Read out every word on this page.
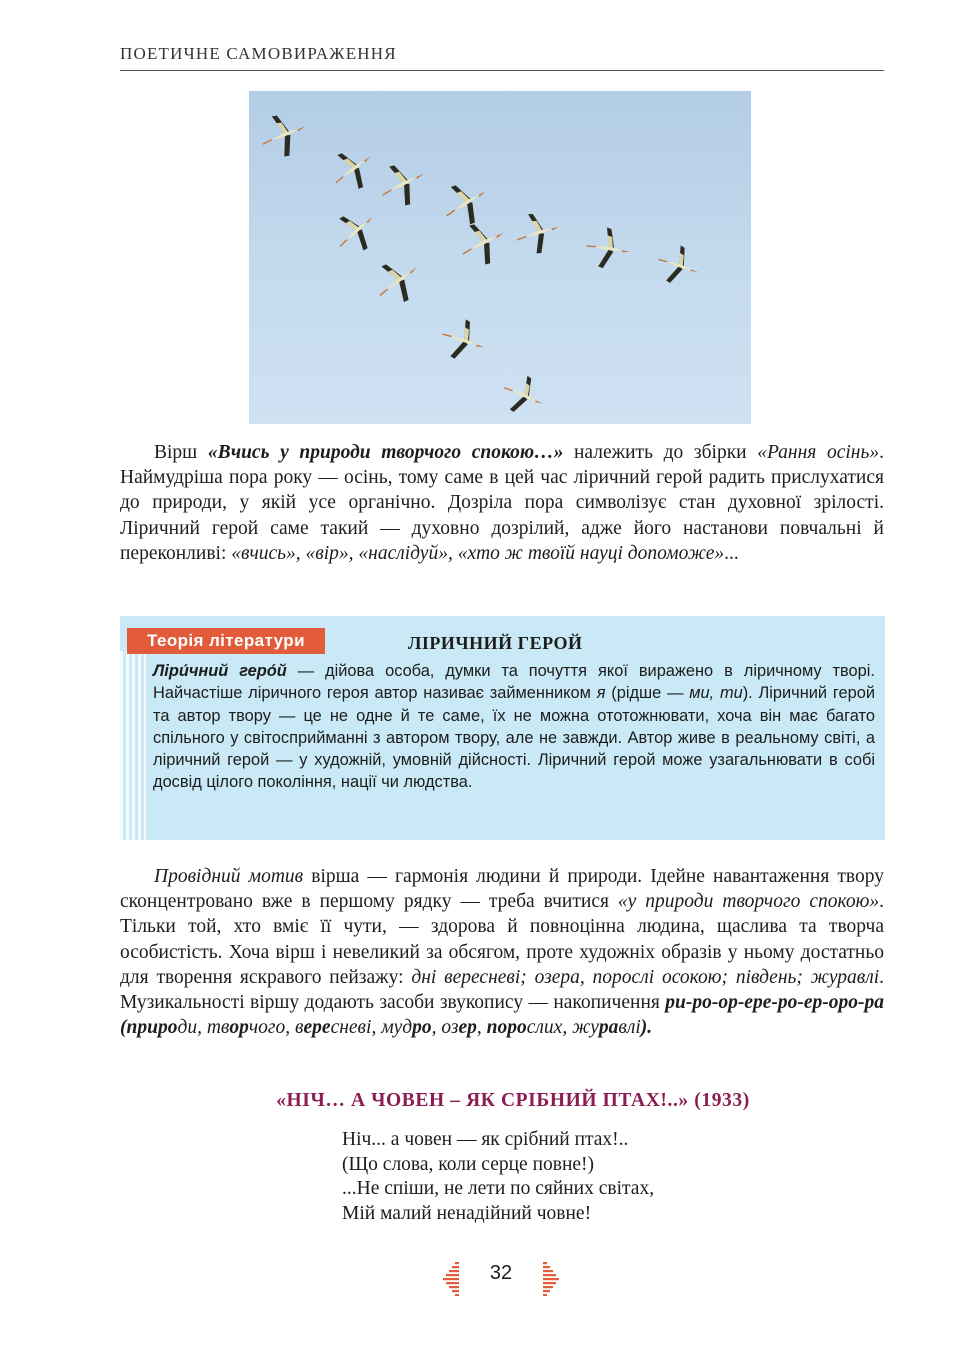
ПОЕТИЧНЕ САМОВИРАЖЕННЯ

Вірш «Вчись у природи творчого спокою…» належить до збірки «Рання осінь». Наймудріша пора року — осінь, тому саме в цей час ліричний герой радить прислухатися до природи, у якій усе органічно. Дозріла пора символізує стан духовної зрілості. Ліричний герой саме такий — духовно дозрілий, адже його настанови повчальні й переконливі: «вчись», «вір», «наслідуй», «хто ж твоїй науці допоможе»...

Теорія літератури	ЛІРИЧНИЙ ГЕРОЙ

Лiри́чний геро́й — дійова особа, думки та почуття якої виражено в ліричному творі. Найчастіше ліричного героя автор називає займенником я (рідше — ми, ти). Ліричний герой та автор твору — це не одне й те саме, їх не можна ототожнювати, хоча він має багато спільного у світосприйманні з автором твору, але не завжди. Автор живе в реальному світі, а ліричний герой — у художній, умовній дійсності. Ліричний герой може узагальнювати в собі досвід цілого покоління, нації чи людства.

Провідний мотив вірша — гармонія людини й природи. Ідейне навантаження твору сконцентровано вже в першому рядку — треба вчитися «у природи творчого спокою». Тільки той, хто вміє її чути, — здорова й повноцінна людина, щаслива та творча особистість. Хоча вірш і невеликий за обсягом, проте художніх образів у ньому достатньо для творення яскравого пейзажу: дні вересневі; озера, порослі осокою; південь; журавлі. Музикальності віршу додають засоби звукопису — накопичення ри-ро-ор-ере-ро-ер-оро-ра (природи, творчого, вересневі, мудро, озер, порослих, журавлі).

«НІЧ… А ЧОВЕН – ЯК СРІБНИЙ ПТАХ!..» (1933)
Ніч... а човен — як срібний птах!..
(Що слова, коли серце повне!)
...Не спіши, не лети по сяйних світах,
Мій малий ненадійний човне!
32
